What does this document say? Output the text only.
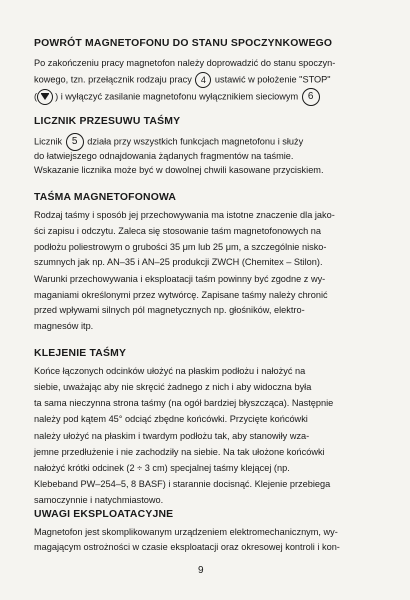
POWRÓT MAGNETOFONU DO STANU SPOCZYNKOWEGO
Po zakończeniu pracy magnetofon należy doprowadzić do stanu spoczyn-
kowego, tzn. przełącznik rodzaju pracy 4 ustawić w położenie "STOP"
( ) i wyłączyć zasilanie magnetofonu wyłącznikiem sieciowym 6
LICZNIK PRZESUWU TAŚMY
Licznik 5 działa przy wszystkich funkcjach magnetofonu i służy
do łatwiejszego odnajdowania żądanych fragmentów na taśmie.
Wskazanie licznika może być w dowolnej chwili kasowane przyciskiem.
TAŚMA MAGNETOFONOWA
Rodzaj taśmy i sposób jej przechowywania ma istotne znaczenie dla jako-
ści zapisu i odczytu. Zaleca się stosowanie taśm magnetofonowych na
podłożu poliestrowym o grubości 35 μm lub 25 μm, a szczególnie nisko-
szumnych jak np. AN–35 i AN–25 produkcji ZWCH (Chemitex – Stilon).
Warunki przechowywania i eksploatacji taśm powinny być zgodne z wy-
maganiami określonymi przez wytwórcę. Zapisane taśmy należy chronić
przed wpływami silnych pól magnetycznych np. głośników, elektro-
magnesów itp.
KLEJENIE TAŚMY
Końce łączonych odcinków ułożyć na płaskim podłożu i nałożyć na
siebie, uważając aby nie skręcić żadnego z nich i aby widoczna była
ta sama nieczynna strona taśmy (na ogół bardziej błyszcząca). Następnie
należy pod kątem 45° odciąć zbędne końcówki. Przycięte końcówki
należy ułożyć na płaskim i twardym podłożu tak, aby stanowiły wza-
jemne przedłużenie i nie zachodziły na siebie. Na tak ułożone końcówki
nałożyć krótki odcinek (2 ÷ 3 cm) specjalnej taśmy klejącej (np.
Klebeband PW–254–5, 8 BASF) i starannie docisnąć. Klejenie przebiega
samoczynnie i natychmiastowo.
UWAGI EKSPLOATACYJNE
Magnetofon jest skomplikowanym urządzeniem elektromechanicznym, wy-
magającym ostrożności w czasie eksploatacji oraz okresowej kontroli i kon-
9
